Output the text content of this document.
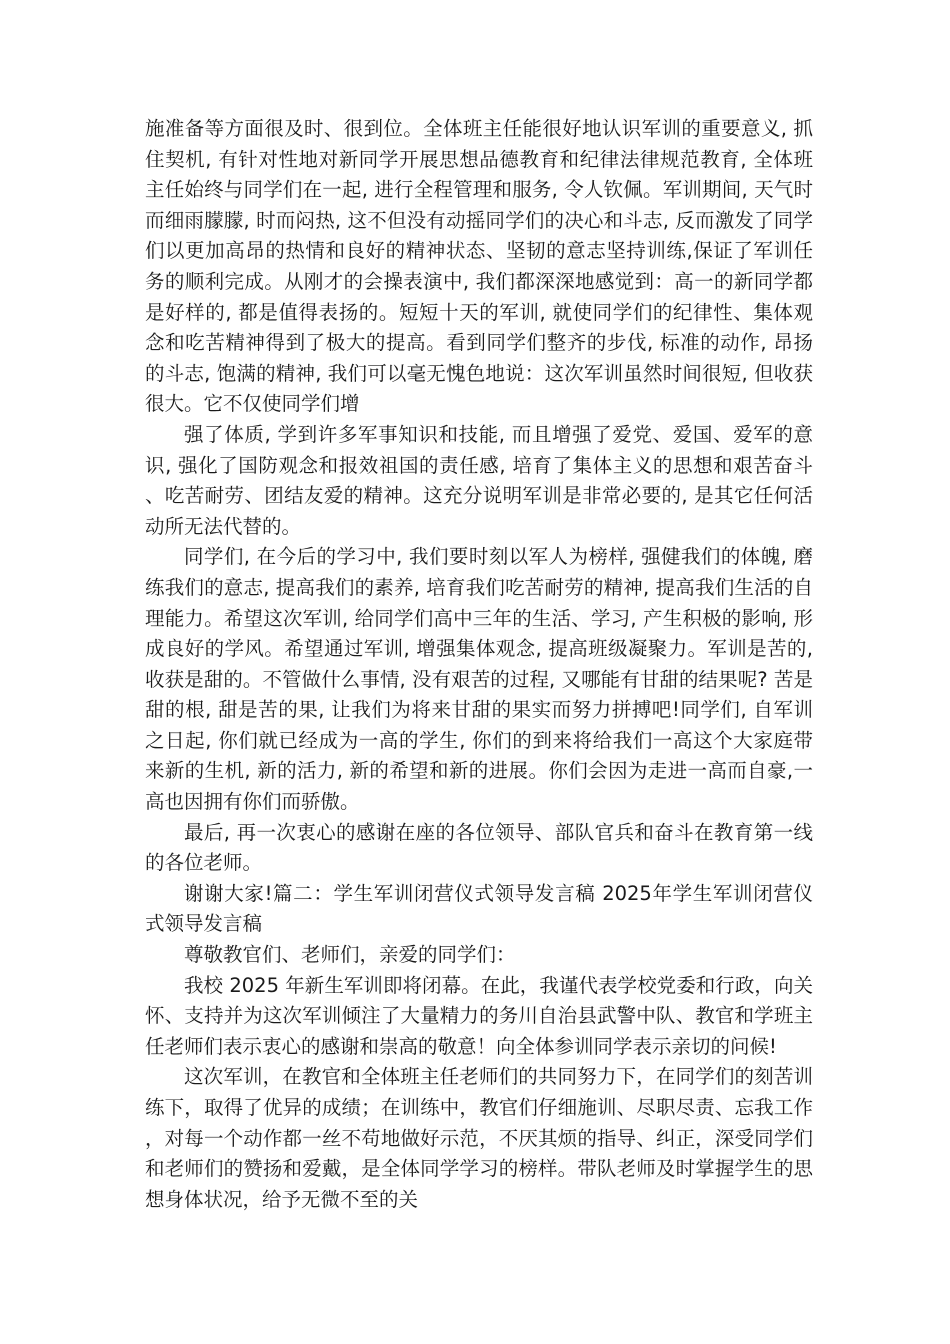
施准备等方面很及时、很到位。全体班主任能很好地认识军训的重要意义, 抓住契机, 有针对性地对新同学开展思想品德教育和纪律法律规范教育, 全体班主任始终与同学们在一起, 进行全程管理和服务, 令人钦佩。军训期间, 天气时而细雨朦朦, 时而闷热, 这不但没有动摇同学们的决心和斗志, 反而激发了同学们以更加高昂的热情和良好的精神状态、坚韧的意志坚持训练,保证了军训任务的顺利完成。从刚才的会操表演中, 我们都深深地感觉到：高一的新同学都是好样的, 都是值得表扬的。短短十天的军训, 就使同学们的纪律性、集体观念和吃苦精神得到了极大的提高。看到同学们整齐的步伐, 标准的动作, 昂扬的斗志, 饱满的精神, 我们可以毫无愧色地说：这次军训虽然时间很短, 但收获很大。它不仅使同学们增

强了体质, 学到许多军事知识和技能, 而且增强了爱党、爱国、爱军的意识, 强化了国防观念和报效祖国的责任感, 培育了集体主义的思想和艰苦奋斗、吃苦耐劳、团结友爱的精神。这充分说明军训是非常必要的, 是其它任何活动所无法代替的。

同学们, 在今后的学习中, 我们要时刻以军人为榜样, 强健我们的体魄, 磨练我们的意志, 提高我们的素养, 培育我们吃苦耐劳的精神, 提高我们生活的自理能力。希望这次军训, 给同学们高中三年的生活、学习, 产生积极的影响, 形成良好的学风。希望通过军训, 增强集体观念, 提高班级凝聚力。军训是苦的, 收获是甜的。不管做什么事情, 没有艰苦的过程, 又哪能有甘甜的结果呢? 苦是甜的根, 甜是苦的果, 让我们为将来甘甜的果实而努力拼搏吧!同学们, 自军训之日起, 你们就已经成为一高的学生, 你们的到来将给我们一高这个大家庭带来新的生机, 新的活力, 新的希望和新的进展。你们会因为走进一高而自豪,一高也因拥有你们而骄傲。

最后, 再一次衷心的感谢在座的各位领导、部队官兵和奋斗在教育第一线的各位老师。

谢谢大家!篇二：学生军训闭营仪式领导发言稿 2025年学生军训闭营仪式领导发言稿

尊敬教官们、老师们，亲爱的同学们：

我校 2025 年新生军训即将闭幕。在此，我谨代表学校党委和行政，向关怀、支持并为这次军训倾注了大量精力的务川自治县武警中队、教官和学班主任老师们表示衷心的感谢和崇高的敬意！向全体参训同学表示亲切的问候!

这次军训，在教官和全体班主任老师们的共同努力下，在同学们的刻苦训练下，取得了优异的成绩；在训练中，教官们仔细施训、尽职尽责、忘我工作，对每一个动作都一丝不苟地做好示范，不厌其烦的指导、纠正，深受同学们和老师们的赞扬和爱戴，是全体同学学习的榜样。带队老师及时掌握学生的思想身体状况，给予无微不至的关
